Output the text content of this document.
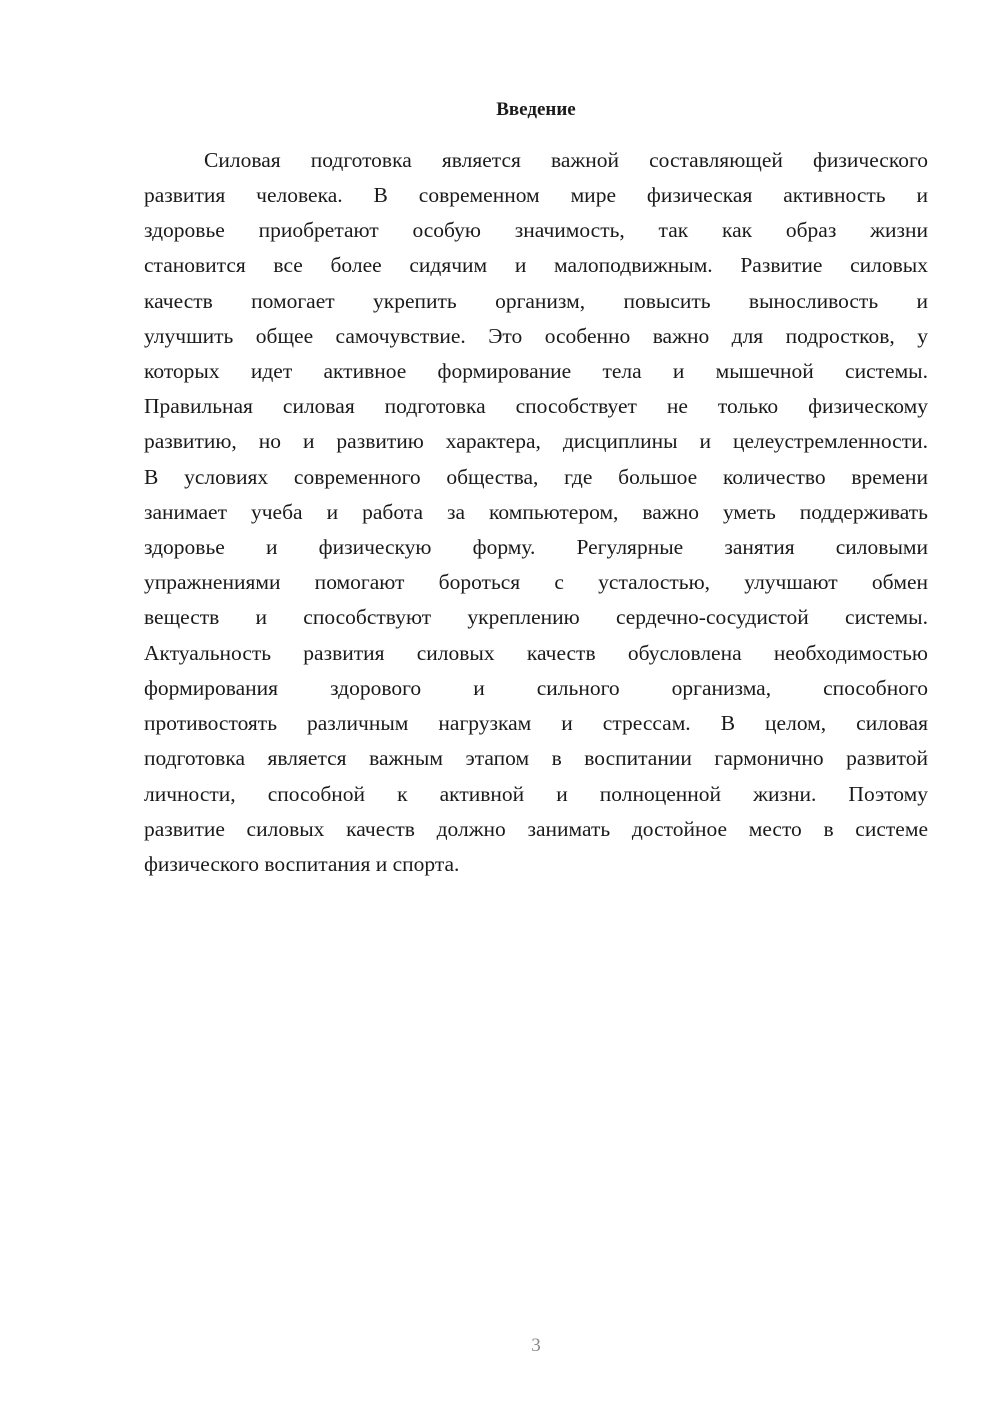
Введение
Силовая подготовка является важной составляющей физического
развития человека. В современном мире физическая активность и
здоровье приобретают особую значимость, так как образ жизни
становится все более сидячим и малоподвижным. Развитие силовых
качеств помогает укрепить организм, повысить выносливость и
улучшить общее самочувствие. Это особенно важно для подростков, у
которых идет активное формирование тела и мышечной системы.
Правильная силовая подготовка способствует не только физическому
развитию, но и развитию характера, дисциплины и целеустремленности.
В условиях современного общества, где большое количество времени
занимает учеба и работа за компьютером, важно уметь поддерживать
здоровье и физическую форму. Регулярные занятия силовыми
упражнениями помогают бороться с усталостью, улучшают обмен
веществ и способствуют укреплению сердечно-сосудистой системы.
Актуальность развития силовых качеств обусловлена необходимостью
формирования здорового и сильного организма, способного
противостоять различным нагрузкам и стрессам. В целом, силовая
подготовка является важным этапом в воспитании гармонично развитой
личности, способной к активной и полноценной жизни. Поэтому
развитие силовых качеств должно занимать достойное место в системе
физического воспитания и спорта.
3
